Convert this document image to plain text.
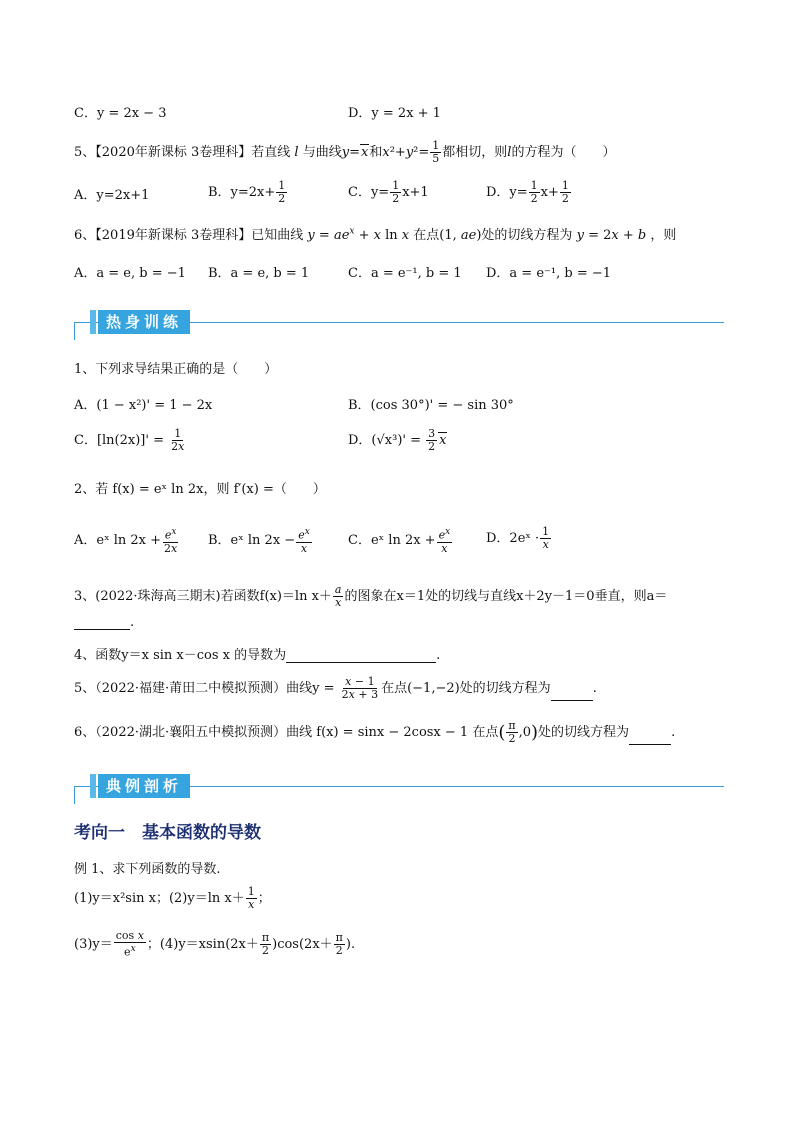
C．y = 2x − 3	D．y = 2x + 1
5、【2020年新课标 3卷理科】若直线 l 与曲线y=x和$x^2+y^2= \frac{1}{5}$ 都相切，则l的方程为（　　）
A．y=2x+1	B．$y=2x+ \frac{1}{2}$	C．$y= \frac{1}{2} x+1$	D．$y= \frac{1}{2} x+ \frac{1}{2}$
6、【2019年新课标 3卷理科】已知曲线 $y = ae^x + x$ ln x 在点(1, ae)处的切线方程为 y = 2x + b ，则
A．a = e, b = −1 B．a = e, b = 1	C．a = e⁻¹, b = 1 D．a = e⁻¹, b = −1
热身训练
1、下列求导结果正确的是（　　）
A．(1 − x²)' = 1 − 2x	B．(cos 30°)' = − sin 30°
C．$[\ln(2x)]' = \frac{1}{2x}$	D．$(√x^3)' = \frac{3}{2}$ x
2、若 f(x) = eˣ ln 2x，则 f′(x) =（　　）
A．eˣ $\ln 2x + \frac{e^x}{2x}$ B．eˣ $\ln 2x - \frac{e^x}{x}$	C．eˣ $\ln 2x + \frac{e^x}{x}$	D．2eˣ · $\frac{1}{x}$
3、(2022·珠海高三期末)若函数f(x)＝ln $x+ \frac{a}{x}$ 的图象在x＝1处的切线与直线x＋2y－1＝0垂直，则a＝
.
4、函数y＝x sin x－cos x 的导数为	.
5、（2022·福建·莆田二中模拟预测）曲线$y = \frac{x - 1}{2x + 3}$ 在点(−1,−2)处的切线方程为	.
6、（2022·湖北·襄阳五中模拟预测）曲线 f(x) = sinx − 2cosx − 1 在点( $\frac{\pi}{2} ,0$)处的切线方程为	.
典例剖析
考向一　基本函数的导数
例 1、求下列函数的导数.
(1)y＝x²sin x；(2)y＝ln $x+ \frac{1}{x}$ ；
$(3)y= \frac{\text{cos x}}{e^x}$ ；$(4)y=xsin(2x+ \frac{\pi}{2} )\cos(2x+ \frac{\pi}{2}$ ).
